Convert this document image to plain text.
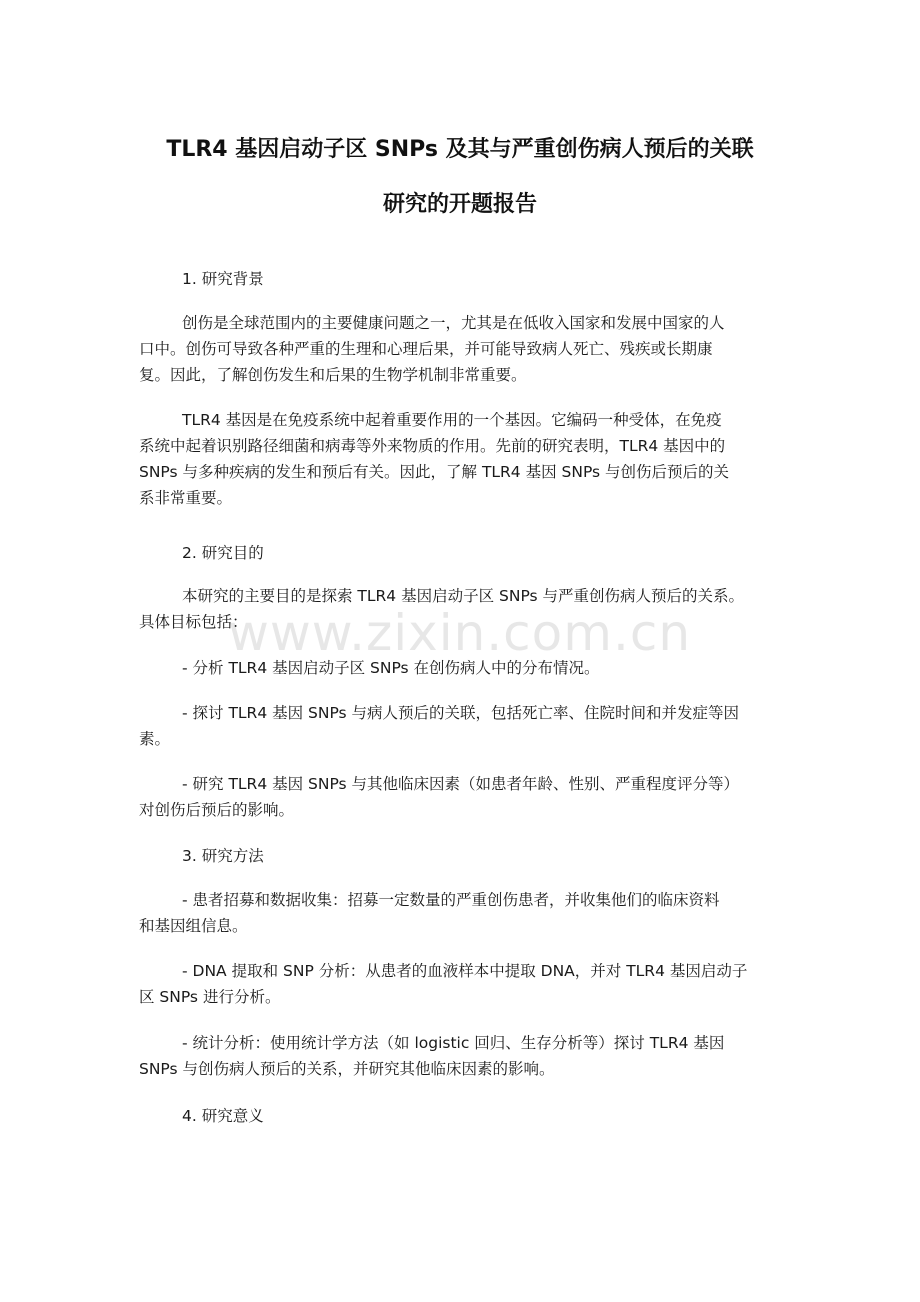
www.zixin.com.cn
TLR4 基因启动子区 SNPs 及其与严重创伤病人预后的关联
研究的开题报告

1. 研究背景

创伤是全球范围内的主要健康问题之一，尤其是在低收入国家和发展中国家的人
口中。创伤可导致各种严重的生理和心理后果，并可能导致病人死亡、残疾或长期康
复。因此，了解创伤发生和后果的生物学机制非常重要。

TLR4 基因是在免疫系统中起着重要作用的一个基因。它编码一种受体，在免疫
系统中起着识别路径细菌和病毒等外来物质的作用。先前的研究表明，TLR4 基因中的
SNPs 与多种疾病的发生和预后有关。因此，了解 TLR4 基因 SNPs 与创伤后预后的关
系非常重要。

2. 研究目的

本研究的主要目的是探索 TLR4 基因启动子区 SNPs 与严重创伤病人预后的关系。
具体目标包括：

- 分析 TLR4 基因启动子区 SNPs 在创伤病人中的分布情况。

- 探讨 TLR4 基因 SNPs 与病人预后的关联，包括死亡率、住院时间和并发症等因
素。

- 研究 TLR4 基因 SNPs 与其他临床因素（如患者年龄、性别、严重程度评分等）
对创伤后预后的影响。

3. 研究方法

- 患者招募和数据收集：招募一定数量的严重创伤患者，并收集他们的临床资料
和基因组信息。

- DNA 提取和 SNP 分析：从患者的血液样本中提取 DNA，并对 TLR4 基因启动子
区 SNPs 进行分析。

- 统计分析：使用统计学方法（如 logistic 回归、生存分析等）探讨 TLR4 基因
SNPs 与创伤病人预后的关系，并研究其他临床因素的影响。

4. 研究意义
